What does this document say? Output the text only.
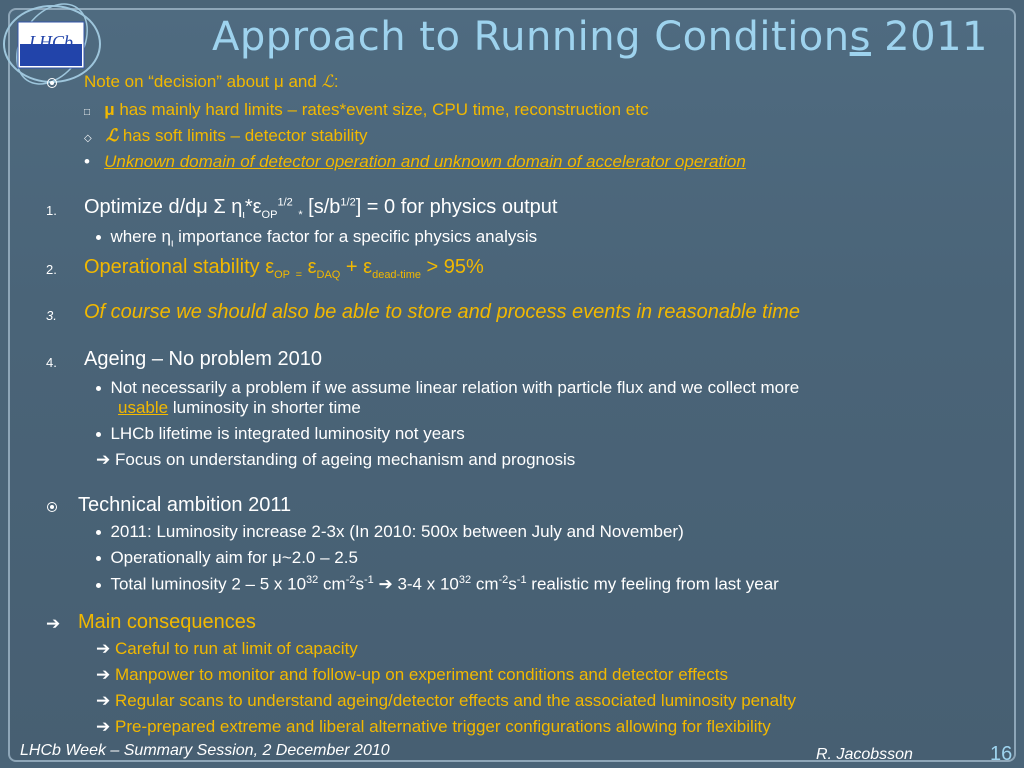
LHCb	Approach to Running Conditions 2011
Note on “decision” about μ and ℒ:
□ μ has mainly hard limits – rates*event size, CPU time, reconstruction etc
◇ ℒ has soft limits – detector stability
• Unknown domain of detector operation and unknown domain of accelerator operation
1. Optimize d/dμ Σ $\eta_\iota*\varepsilon_{OP}^{1/2}$ $_*$ $[s/b^{1/2}] = 0$ for physics output
where $\eta_\iota$ importance factor for a specific physics analysis
2. Operational stability $\varepsilon_{OP}$ $_=$ $\varepsilon_{DAQ} + \varepsilon_{dead-time} > 95\%$
3. Of course we should also be able to store and process events in reasonable time
4. Ageing – No problem 2010
Not necessarily a problem if we assume linear relation with particle flux and we collect more
usable luminosity in shorter time
LHCb lifetime is integrated luminosity not years
➔ Focus on understanding of ageing mechanism and prognosis
Technical ambition 2011
2011: Luminosity increase 2-3x (In 2010: 500x between July and November)
Operationally aim for μ~2.0 – 2.5
Total luminosity 2 – 5 x $10^{32}$ $cm^{-2}s^{-1}$ ➔ 3-4 x $10^{32}$ $cm^{-2}s^{-1}$ realistic my feeling from last year
➔ Main consequences
➔ Careful to run at limit of capacity
➔ Manpower to monitor and follow-up on experiment conditions and detector effects
➔ Regular scans to understand ageing/detector effects and the associated luminosity penalty
➔ Pre-prepared extreme and liberal alternative trigger configurations allowing for flexibility
LHCb Week – Summary Session, 2 December 2010	R. Jacobsson	16
